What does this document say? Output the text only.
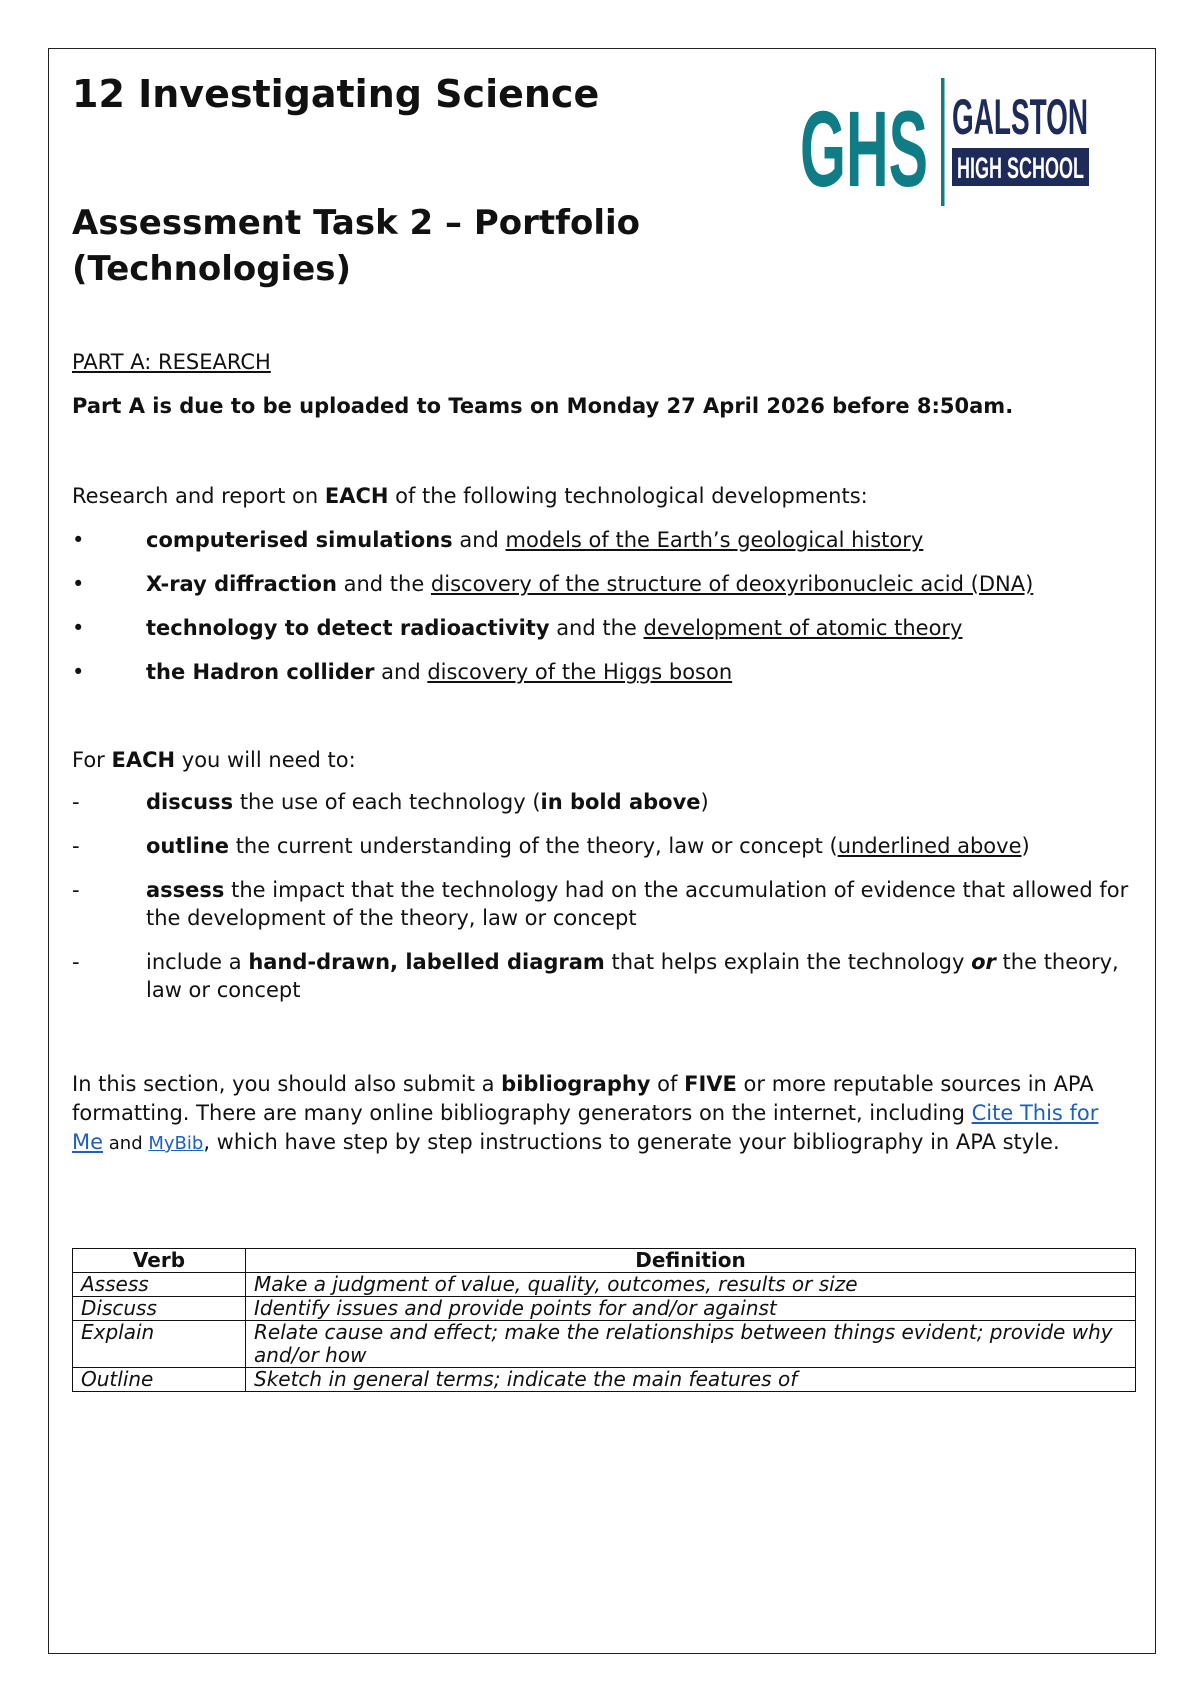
12 Investigating Science GHS GALSTON
HIGH SCHOOL
Assessment Task 2 – Portfolio (Technologies)

PART A: RESEARCH

Part A is due to be uploaded to Teams on Monday 27 April 2026 before 8:50am.

Research and report on EACH of the following technological developments:

•	computerised simulations and models of the Earth’s geological history
•	X-ray diffraction and the discovery of the structure of deoxyribonucleic acid (DNA)
•	technology to detect radioactivity and the development of atomic theory
•	the Hadron collider and discovery of the Higgs boson

For EACH you will need to:

-	discuss the use of each technology (in bold above)
-	outline the current understanding of the theory, law or concept (underlined above)
-	assess the impact that the technology had on the accumulation of evidence that allowed for the development of the theory, law or concept
-	include a hand-drawn, labelled diagram that helps explain the technology or the theory, law or concept

In this section, you should also submit a bibliography of FIVE or more reputable sources in APA formatting. There are many online bibliography generators on the internet, including Cite This for Me and MyBib, which have step by step instructions to generate your bibliography in APA style.

Verb	Definition
Assess	Make a judgment of value, quality, outcomes, results or size
Discuss	Identify issues and provide points for and/or against
Explain	Relate cause and effect; make the relationships between things evident; provide why and/or how
Outline	Sketch in general terms; indicate the main features of
